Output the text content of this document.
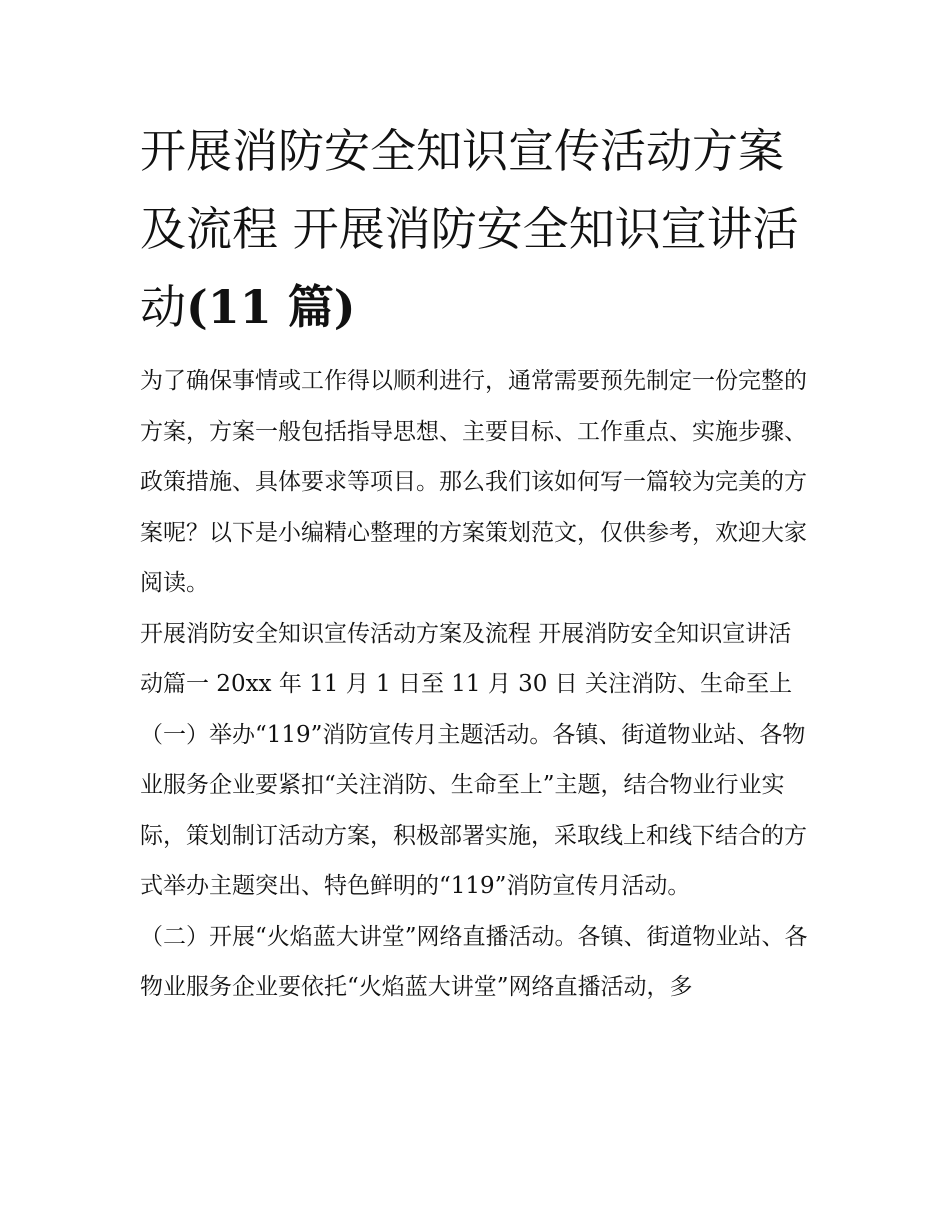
开展消防安全知识宣传活动方案及流程 开展消防安全知识宣讲活动(11 篇)

为了确保事情或工作得以顺利进行，通常需要预先制定一份完整的方案，方案一般包括指导思想、主要目标、工作重点、实施步骤、政策措施、具体要求等项目。那么我们该如何写一篇较为完美的方案呢？以下是小编精心整理的方案策划范文，仅供参考，欢迎大家阅读。

开展消防安全知识宣传活动方案及流程 开展消防安全知识宣讲活动篇一 20xx 年 11 月 1 日至 11 月 30 日 关注消防、生命至上

（一）举办“119”消防宣传月主题活动。各镇、街道物业站、各物业服务企业要紧扣“关注消防、生命至上”主题，结合物业行业实际，策划制订活动方案，积极部署实施，采取线上和线下结合的方式举办主题突出、特色鲜明的“119”消防宣传月活动。

（二）开展“火焰蓝大讲堂”网络直播活动。各镇、街道物业站、各物业服务企业要依托“火焰蓝大讲堂”网络直播活动，多
